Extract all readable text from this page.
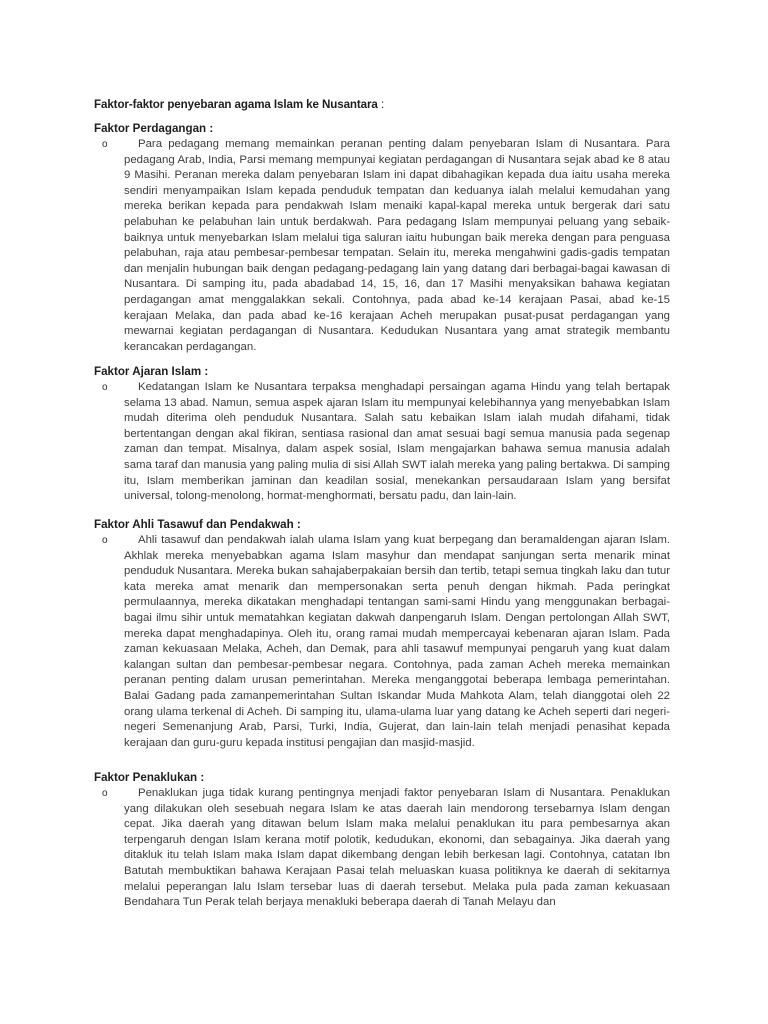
Faktor-faktor penyebaran agama Islam ke Nusantara :
Faktor Perdagangan :
o	Para pedagang memang memainkan peranan penting dalam penyebaran Islam di Nusantara. Para pedagang Arab, India, Parsi memang mempunyai kegiatan perdagangan di Nusantara sejak abad ke 8 atau 9 Masihi. Peranan mereka dalam penyebaran Islam ini dapat dibahagikan kepada dua iaitu usaha mereka sendiri menyampaikan Islam kepada penduduk tempatan dan keduanya ialah melalui kemudahan yang mereka berikan kepada para pendakwah Islam menaiki kapal-kapal mereka untuk bergerak dari satu pelabuhan ke pelabuhan lain untuk berdakwah. Para pedagang Islam mempunyai peluang yang sebaik-baiknya untuk menyebarkan Islam melalui tiga saluran iaitu hubungan baik mereka dengan para penguasa pelabuhan, raja atau pembesar-pembesar tempatan. Selain itu, mereka mengahwini gadis-gadis tempatan dan menjalin hubungan baik dengan pedagang-pedagang lain yang datang dari berbagai-bagai kawasan di Nusantara. Di samping itu, pada abadabad 14, 15, 16, dan 17 Masihi menyaksikan bahawa kegiatan perdagangan amat menggalakkan sekali. Contohnya, pada abad ke-14 kerajaan Pasai, abad ke-15 kerajaan Melaka, dan pada abad ke-16 kerajaan Acheh merupakan pusat-pusat perdagangan yang mewarnai kegiatan perdagangan di Nusantara. Kedudukan Nusantara yang amat strategik membantu kerancakan perdagangan.

Faktor Ajaran Islam :
o	Kedatangan Islam ke Nusantara terpaksa menghadapi persaingan agama Hindu yang telah bertapak selama 13 abad. Namun, semua aspek ajaran Islam itu mempunyai kelebihannya yang menyebabkan Islam mudah diterima oleh penduduk Nusantara. Salah satu kebaikan Islam ialah mudah difahami, tidak bertentangan dengan akal fikiran, sentiasa rasional dan amat sesuai bagi semua manusia pada segenap zaman dan tempat. Misalnya, dalam aspek sosial, Islam mengajarkan bahawa semua manusia adalah sama taraf dan manusia yang paling mulia di sisi Allah SWT ialah mereka yang paling bertakwa. Di samping itu, Islam memberikan jaminan dan keadilan sosial, menekankan persaudaraan Islam yang bersifat universal, tolong-menolong, hormat-menghormati, bersatu padu, dan lain-lain.

Faktor Ahli Tasawuf dan Pendakwah :
o	Ahli tasawuf dan pendakwah ialah ulama Islam yang kuat berpegang dan beramaldengan ajaran Islam. Akhlak mereka menyebabkan agama Islam masyhur dan mendapat sanjungan serta menarik minat penduduk Nusantara. Mereka bukan sahajaberpakaian bersih dan tertib, tetapi semua tingkah laku dan tutur kata mereka amat menarik dan mempersonakan serta penuh dengan hikmah. Pada peringkat permulaannya, mereka dikatakan menghadapi tentangan sami-sami Hindu yang menggunakan berbagai-bagai ilmu sihir untuk mematahkan kegiatan dakwah danpengaruh Islam. Dengan pertolongan Allah SWT, mereka dapat menghadapinya. Oleh itu, orang ramai mudah mempercayai kebenaran ajaran Islam. Pada zaman kekuasaan Melaka, Acheh, dan Demak, para ahli tasawuf mempunyai pengaruh yang kuat dalam kalangan sultan dan pembesar-pembesar negara. Contohnya, pada zaman Acheh mereka memainkan peranan penting dalam urusan pemerintahan. Mereka menganggotai beberapa lembaga pemerintahan. Balai Gadang pada zamanpemerintahan Sultan Iskandar Muda Mahkota Alam, telah dianggotai oleh 22 orang ulama terkenal di Acheh. Di samping itu, ulama-ulama luar yang datang ke Acheh seperti dari negeri-negeri Semenanjung Arab, Parsi, Turki, India, Gujerat, dan lain-lain telah menjadi penasihat kepada kerajaan dan guru-guru kepada institusi pengajian dan masjid-masjid.

Faktor Penaklukan :
o	Penaklukan juga tidak kurang pentingnya menjadi faktor penyebaran Islam di Nusantara. Penaklukan yang dilakukan oleh sesebuah negara Islam ke atas daerah lain mendorong tersebarnya Islam dengan cepat. Jika daerah yang ditawan belum Islam maka melalui penaklukan itu para pembesarnya akan terpengaruh dengan Islam kerana motif polotik, kedudukan, ekonomi, dan sebagainya. Jika daerah yang ditakluk itu telah Islam maka Islam dapat dikembang dengan lebih berkesan lagi. Contohnya, catatan Ibn Batutah membuktikan bahawa Kerajaan Pasai telah meluaskan kuasa politiknya ke daerah di sekitarnya melalui peperangan lalu Islam tersebar luas di daerah tersebut. Melaka pula pada zaman kekuasaan Bendahara Tun Perak telah berjaya menakluki beberapa daerah di Tanah Melayu dan
